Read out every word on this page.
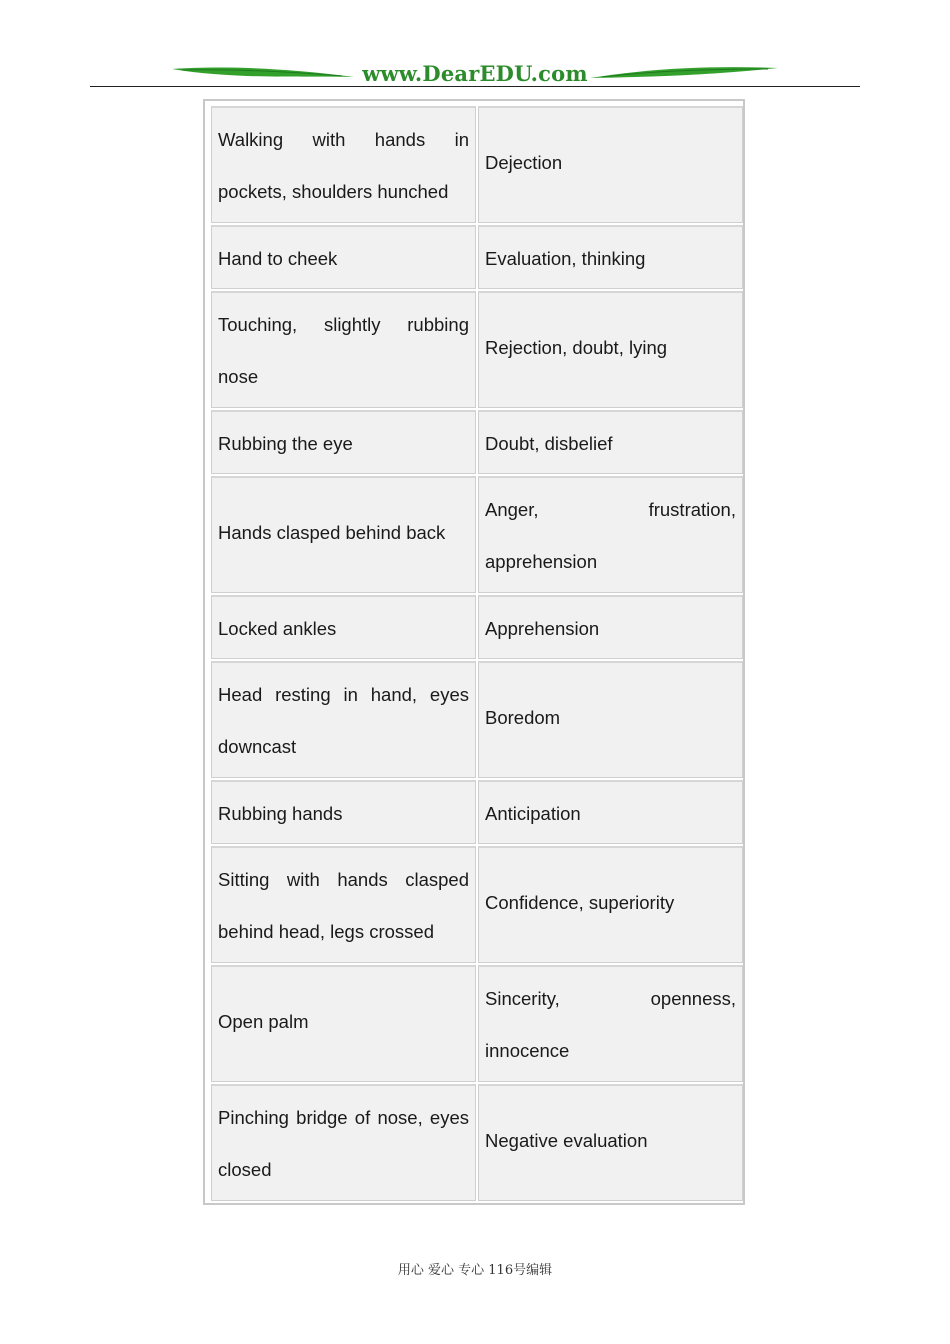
www.DearEDU.com
Walking with hands in pockets, shoulders hunched	Dejection
Hand to cheek	Evaluation, thinking
Touching, slightly rubbing nose	Rejection, doubt, lying
Rubbing the eye	Doubt, disbelief
Hands clasped behind back	Anger, frustration, apprehension
Locked ankles	Apprehension
Head resting in hand, eyes downcast	Boredom
Rubbing hands	Anticipation
Sitting with hands clasped behind head, legs crossed	Confidence, superiority
Open palm	Sincerity, openness, innocence
Pinching bridge of nose, eyes closed	Negative evaluation
用心 爱心 专心 116号编辑
